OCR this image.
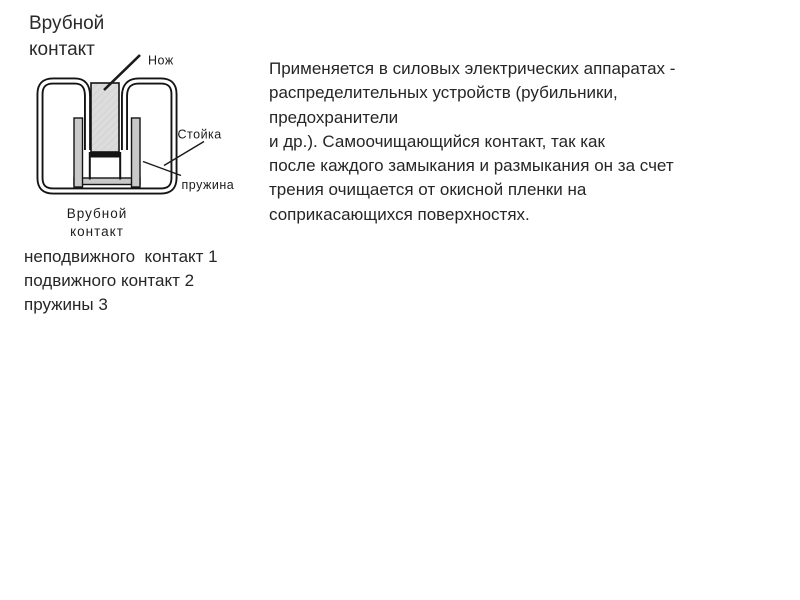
Врубной контакт
Нож
Стойка
пружина
Врубной контакт
Применяется в силовых электрических аппаратах -
распределительных устройств (рубильники,
предохранители
и др.). Самоочищающийся контакт, так как
после каждого замыкания и размыкания он за счет
трения очищается от окисной пленки на
соприкасающихся поверхностях.
неподвижного  контакт 1
подвижного контакт 2
пружины 3
